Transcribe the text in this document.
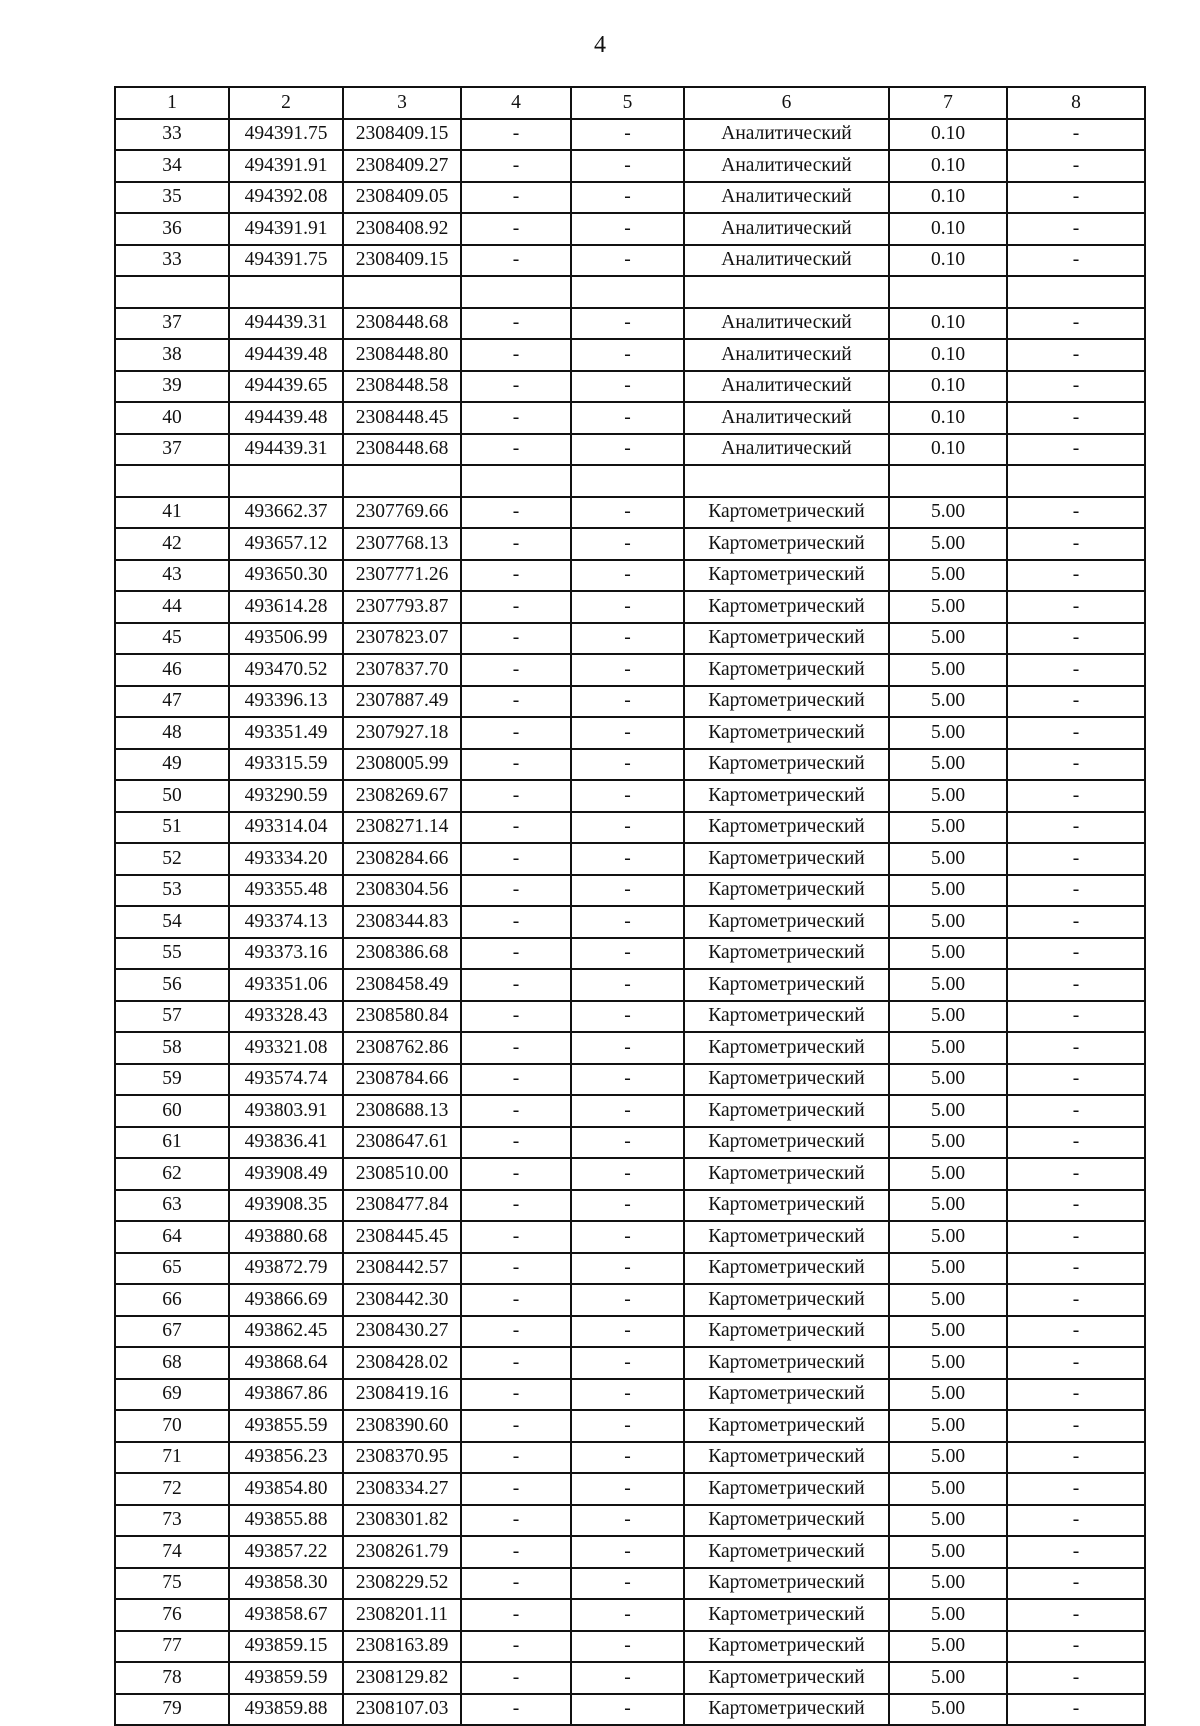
4
1	2	3	4	5	6	7	8
33	494391.75	2308409.15	-	-	Аналитический	0.10	-
34	494391.91	2308409.27	-	-	Аналитический	0.10	-
35	494392.08	2308409.05	-	-	Аналитический	0.10	-
36	494391.91	2308408.92	-	-	Аналитический	0.10	-
33	494391.75	2308409.15	-	-	Аналитический	0.10	-

37	494439.31	2308448.68	-	-	Аналитический	0.10	-
38	494439.48	2308448.80	-	-	Аналитический	0.10	-
39	494439.65	2308448.58	-	-	Аналитический	0.10	-
40	494439.48	2308448.45	-	-	Аналитический	0.10	-
37	494439.31	2308448.68	-	-	Аналитический	0.10	-

41	493662.37	2307769.66	-	-	Картометрический	5.00	-
42	493657.12	2307768.13	-	-	Картометрический	5.00	-
43	493650.30	2307771.26	-	-	Картометрический	5.00	-
44	493614.28	2307793.87	-	-	Картометрический	5.00	-
45	493506.99	2307823.07	-	-	Картометрический	5.00	-
46	493470.52	2307837.70	-	-	Картометрический	5.00	-
47	493396.13	2307887.49	-	-	Картометрический	5.00	-
48	493351.49	2307927.18	-	-	Картометрический	5.00	-
49	493315.59	2308005.99	-	-	Картометрический	5.00	-
50	493290.59	2308269.67	-	-	Картометрический	5.00	-
51	493314.04	2308271.14	-	-	Картометрический	5.00	-
52	493334.20	2308284.66	-	-	Картометрический	5.00	-
53	493355.48	2308304.56	-	-	Картометрический	5.00	-
54	493374.13	2308344.83	-	-	Картометрический	5.00	-
55	493373.16	2308386.68	-	-	Картометрический	5.00	-
56	493351.06	2308458.49	-	-	Картометрический	5.00	-
57	493328.43	2308580.84	-	-	Картометрический	5.00	-
58	493321.08	2308762.86	-	-	Картометрический	5.00	-
59	493574.74	2308784.66	-	-	Картометрический	5.00	-
60	493803.91	2308688.13	-	-	Картометрический	5.00	-
61	493836.41	2308647.61	-	-	Картометрический	5.00	-
62	493908.49	2308510.00	-	-	Картометрический	5.00	-
63	493908.35	2308477.84	-	-	Картометрический	5.00	-
64	493880.68	2308445.45	-	-	Картометрический	5.00	-
65	493872.79	2308442.57	-	-	Картометрический	5.00	-
66	493866.69	2308442.30	-	-	Картометрический	5.00	-
67	493862.45	2308430.27	-	-	Картометрический	5.00	-
68	493868.64	2308428.02	-	-	Картометрический	5.00	-
69	493867.86	2308419.16	-	-	Картометрический	5.00	-
70	493855.59	2308390.60	-	-	Картометрический	5.00	-
71	493856.23	2308370.95	-	-	Картометрический	5.00	-
72	493854.80	2308334.27	-	-	Картометрический	5.00	-
73	493855.88	2308301.82	-	-	Картометрический	5.00	-
74	493857.22	2308261.79	-	-	Картометрический	5.00	-
75	493858.30	2308229.52	-	-	Картометрический	5.00	-
76	493858.67	2308201.11	-	-	Картометрический	5.00	-
77	493859.15	2308163.89	-	-	Картометрический	5.00	-
78	493859.59	2308129.82	-	-	Картометрический	5.00	-
79	493859.88	2308107.03	-	-	Картометрический	5.00	-
